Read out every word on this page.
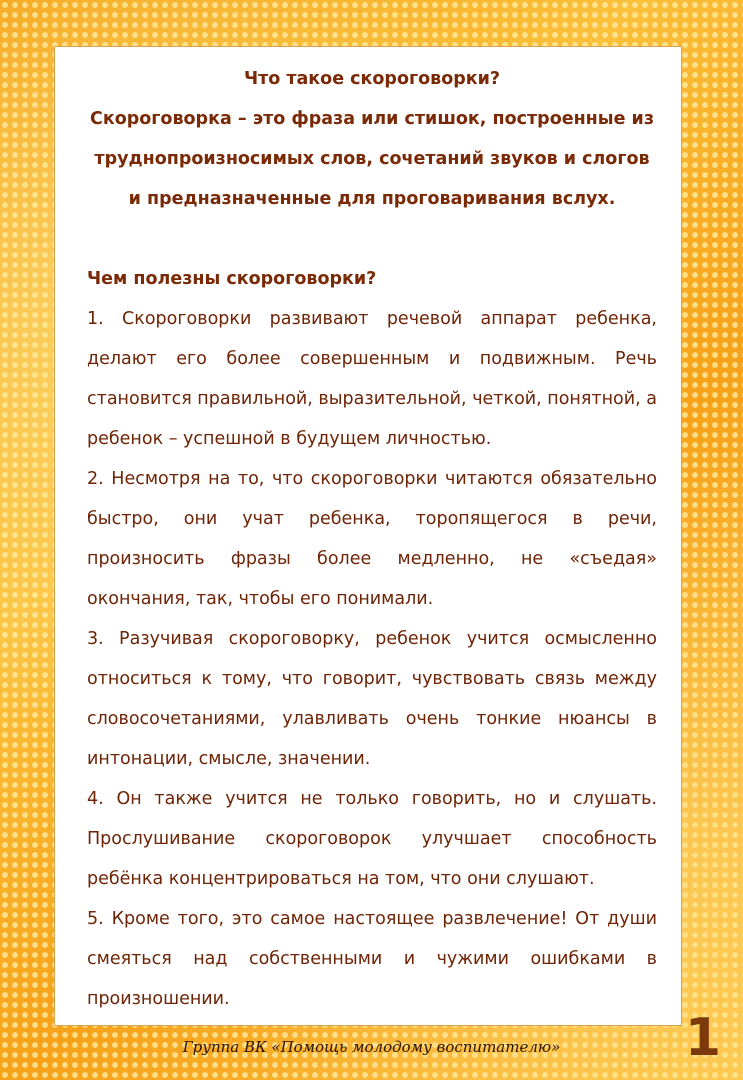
Что такое скороговорки?

Скороговорка – это фраза или стишок, построенные из труднопроизносимых слов, сочетаний звуков и слогов и предназначенные для проговаривания вслух.

Чем полезны скороговорки?

1. Скороговорки развивают речевой аппарат ребенка, делают его более совершенным и подвижным. Речь становится правильной, выразительной, четкой, понятной, а ребенок – успешной в будущем личностью.

2. Несмотря на то, что скороговорки читаются обязательно быстро, они учат ребенка, торопящегося в речи, произносить фразы более медленно, не «съедая» окончания, так, чтобы его понимали.

3. Разучивая скороговорку, ребенок учится осмысленно относиться к тому, что говорит, чувствовать связь между словосочетаниями, улавливать очень тонкие нюансы в интонации, смысле, значении.

4. Он также учится не только говорить, но и слушать. Прослушивание скороговорок улучшает способность ребёнка концентрироваться на том, что они слушают.

5. Кроме того, это самое настоящее развлечение! От души смеяться над собственными и чужими ошибками в произношении.

Группа ВК «Помощь молодому воспитателю»	1
